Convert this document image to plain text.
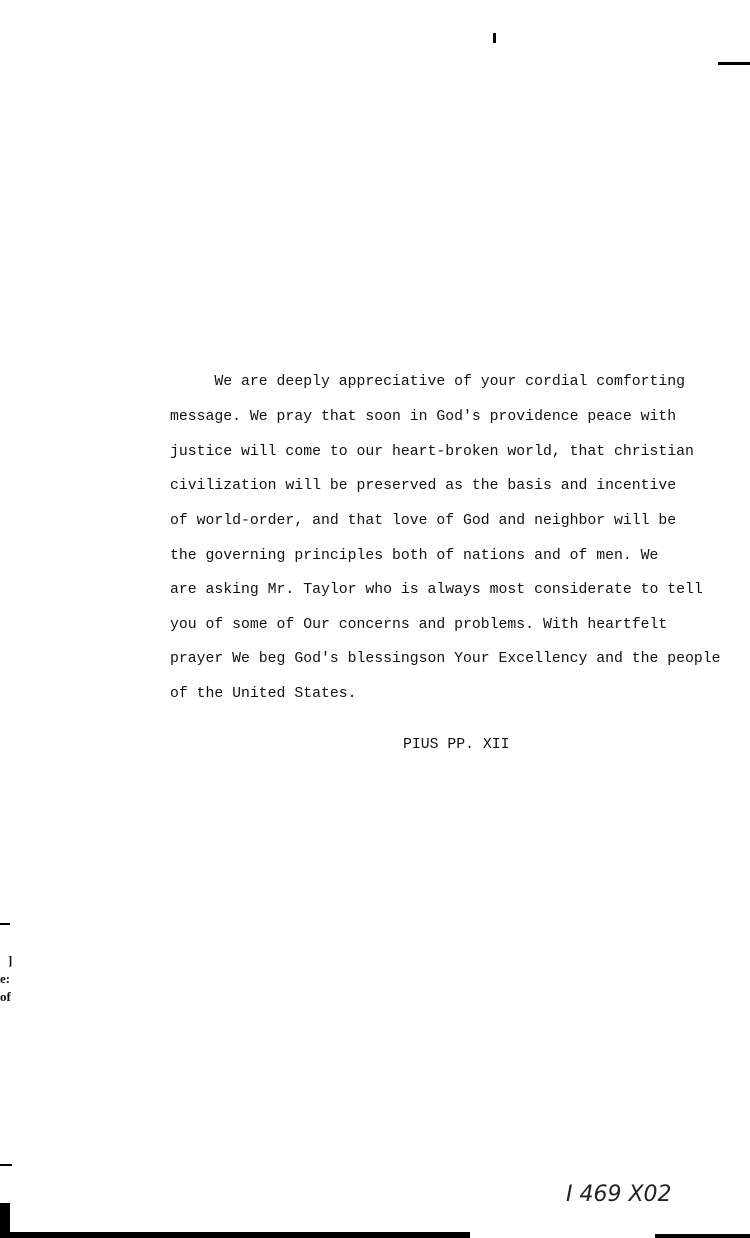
We are deeply appreciative of your cordial comforting
message. We pray that soon in God's providence peace with
justice will come to our heart-broken world, that christian
civilization will be preserved as the basis and incentive
of world-order, and that love of God and neighbor will be
the governing principles both of nations and of men. We
are asking Mr. Taylor who is always most considerate to tell
you of some of Our concerns and problems. With heartfelt
prayer We beg God's blessingson Your Excellency and the people
of the United States.
PIUS PP. XII
I 469 X02
]
e:
of
